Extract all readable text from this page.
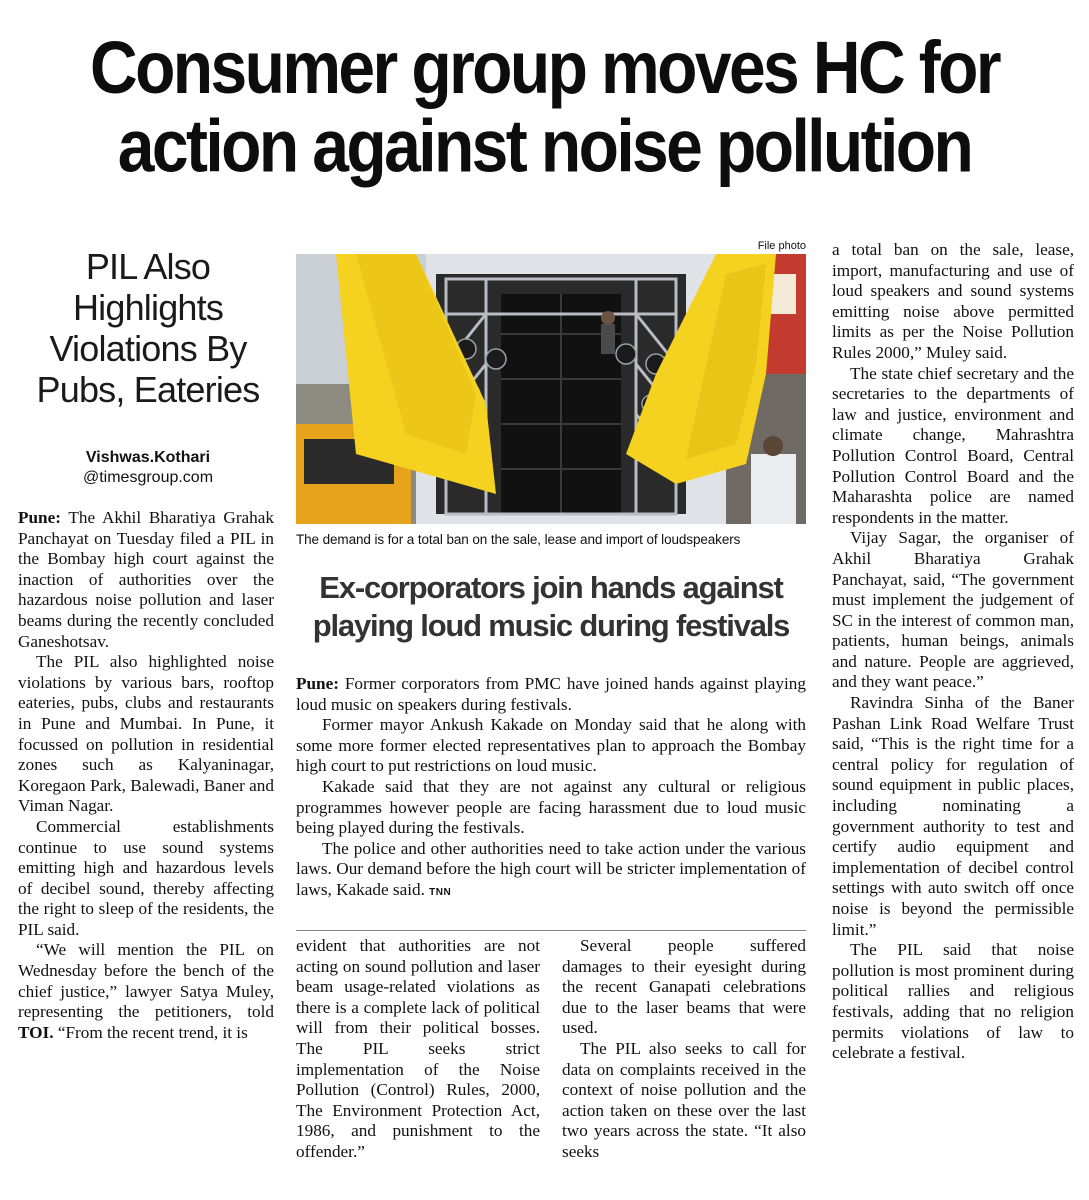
Consumer group moves HC for
action against noise pollution
PIL Also
Highlights
Violations By
Pubs, Eateries
Vishwas.Kothari
@timesgroup.com

Pune: The Akhil Bharatiya Grahak Panchayat on Tuesday filed a PIL in the Bombay high court against the inaction of authorities over the hazardous noise pollution and laser beams during the recently concluded Ganeshotsav.

The PIL also highlighted noise violations by various bars, rooftop eateries, pubs, clubs and restaurants in Pune and Mumbai. In Pune, it focussed on pollution in residential zones such as Kalyaninagar, Koregaon Park, Balewadi, Baner and Viman Nagar.

Commercial establishments continue to use sound systems emitting high and hazardous levels of decibel sound, thereby affecting the right to sleep of the residents, the PIL said.

“We will mention the PIL on Wednesday before the bench of the chief justice,” lawyer Satya Muley, representing the petitioners, told TOI. “From the recent trend, it is

File photo
The demand is for a total ban on the sale, lease and import of loudspeakers
Ex-corporators join hands against
playing loud music during festivals

Pune: Former corporators from PMC have joined hands against playing loud music on speakers during festivals.

Former mayor Ankush Kakade on Monday said that he along with some more former elected representatives plan to approach the Bombay high court to put restrictions on loud music.

Kakade said that they are not against any cultural or religious programmes however people are facing harassment due to loud music being played during the festivals.

The police and other authorities need to take action under the various laws. Our demand before the high court will be stricter implementation of laws, Kakade said. TNN

evident that authorities are not acting on sound pollution and laser beam usage-related violations as there is a complete lack of political will from their political bosses. The PIL seeks strict implementation of the Noise Pollution (Control) Rules, 2000, The Environment Protection Act, 1986, and punishment to the offender.”

Several people suffered damages to their eyesight during the recent Ganapati celebrations due to the laser beams that were used.

The PIL also seeks to call for data on complaints received in the context of noise pollution and the action taken on these over the last two years across the state. “It also seeks

a total ban on the sale, lease, import, manufacturing and use of loud speakers and sound systems emitting noise above permitted limits as per the Noise Pollution Rules 2000,” Muley said.

The state chief secretary and the secretaries to the departments of law and justice, environment and climate change, Mahrashtra Pollution Control Board, Central Pollution Control Board and the Maharashta police are named respondents in the matter.

Vijay Sagar, the organiser of Akhil Bharatiya Grahak Panchayat, said, “The government must implement the judgement of SC in the interest of common man, patients, human beings, animals and nature. People are aggrieved, and they want peace.”

Ravindra Sinha of the Baner Pashan Link Road Welfare Trust said, “This is the right time for a central policy for regulation of sound equipment in public places, including nominating a government authority to test and certify audio equipment and implementation of decibel control settings with auto switch off once noise is beyond the permissible limit.”

The PIL said that noise pollution is most prominent during political rallies and religious festivals, adding that no religion permits violations of law to celebrate a festival.
